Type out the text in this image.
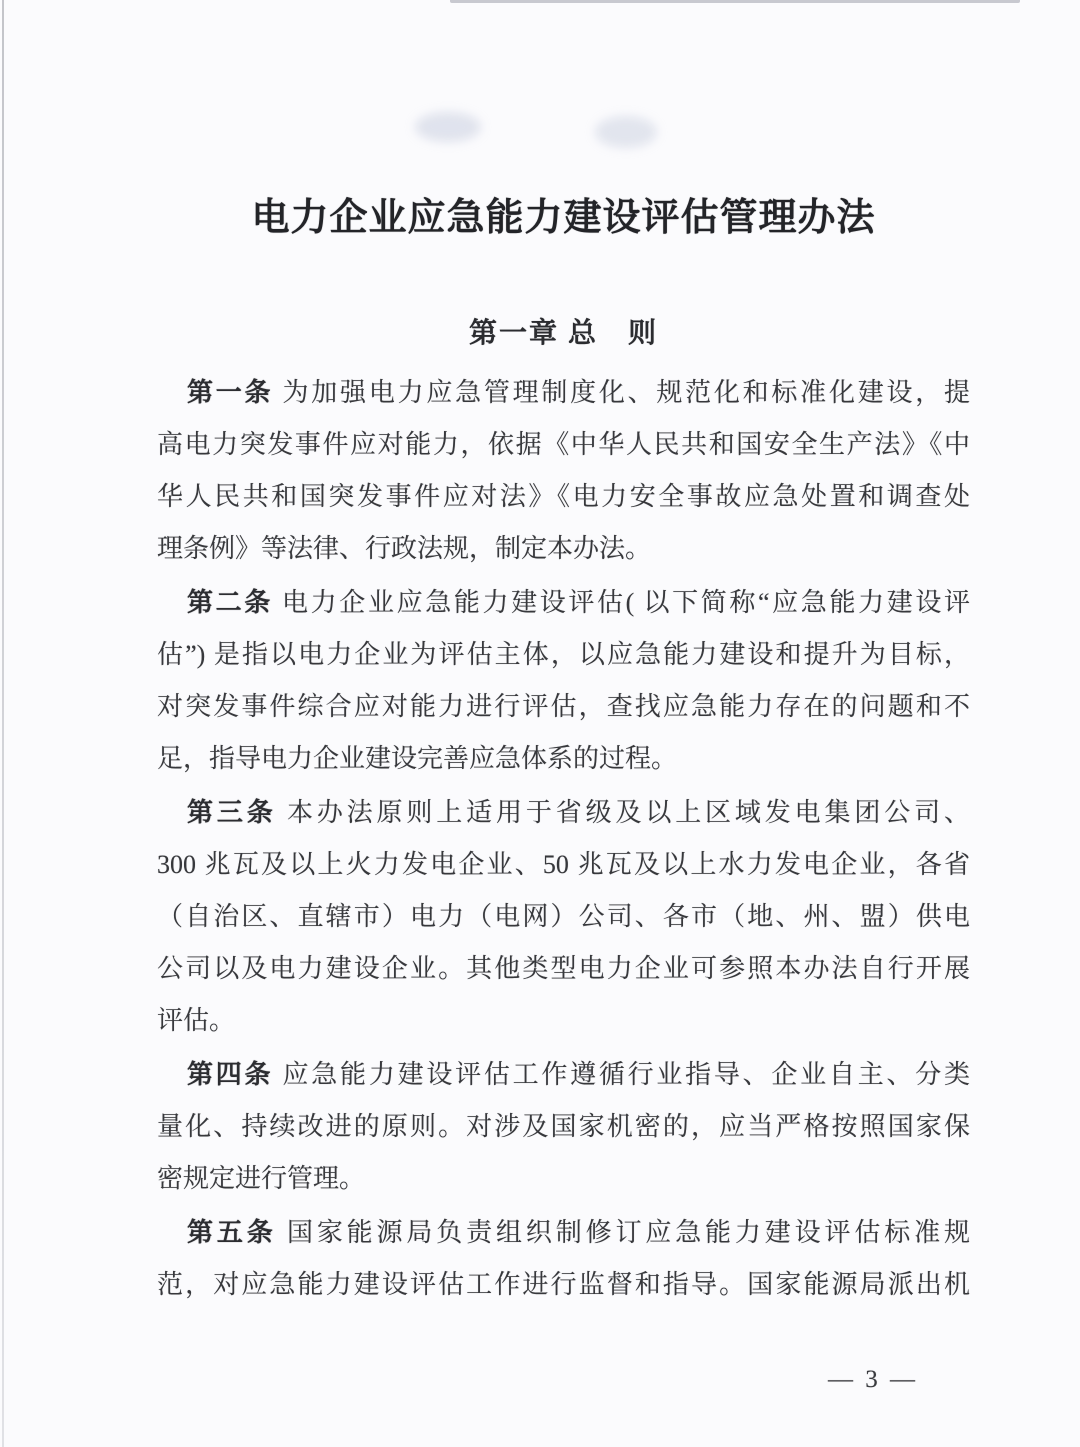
电力企业应急能力建设评估管理办法
第一章 总　则
第一条 为加强电力应急管理制度化、规范化和标准化建设，提
高电力突发事件应对能力，依据《中华人民共和国安全生产法》《中
华人民共和国突发事件应对法》《电力安全事故应急处置和调查处
理条例》等法律、行政法规，制定本办法。
第二条 电力企业应急能力建设评估( 以下简称“应急能力建设评
估”) 是指以电力企业为评估主体，以应急能力建设和提升为目标，
对突发事件综合应对能力进行评估，查找应急能力存在的问题和不
足，指导电力企业建设完善应急体系的过程。
第三条 本办法原则上适用于省级及以上区域发电集团公司、
300 兆瓦及以上火力发电企业、50 兆瓦及以上水力发电企业，各省
（自治区、直辖市）电力（电网）公司、各市（地、州、盟）供电
公司以及电力建设企业。其他类型电力企业可参照本办法自行开展
评估。
第四条 应急能力建设评估工作遵循行业指导、企业自主、分类
量化、持续改进的原则。对涉及国家机密的，应当严格按照国家保
密规定进行管理。
第五条 国家能源局负责组织制修订应急能力建设评估标准规
范，对应急能力建设评估工作进行监督和指导。国家能源局派出机
— 3 —
